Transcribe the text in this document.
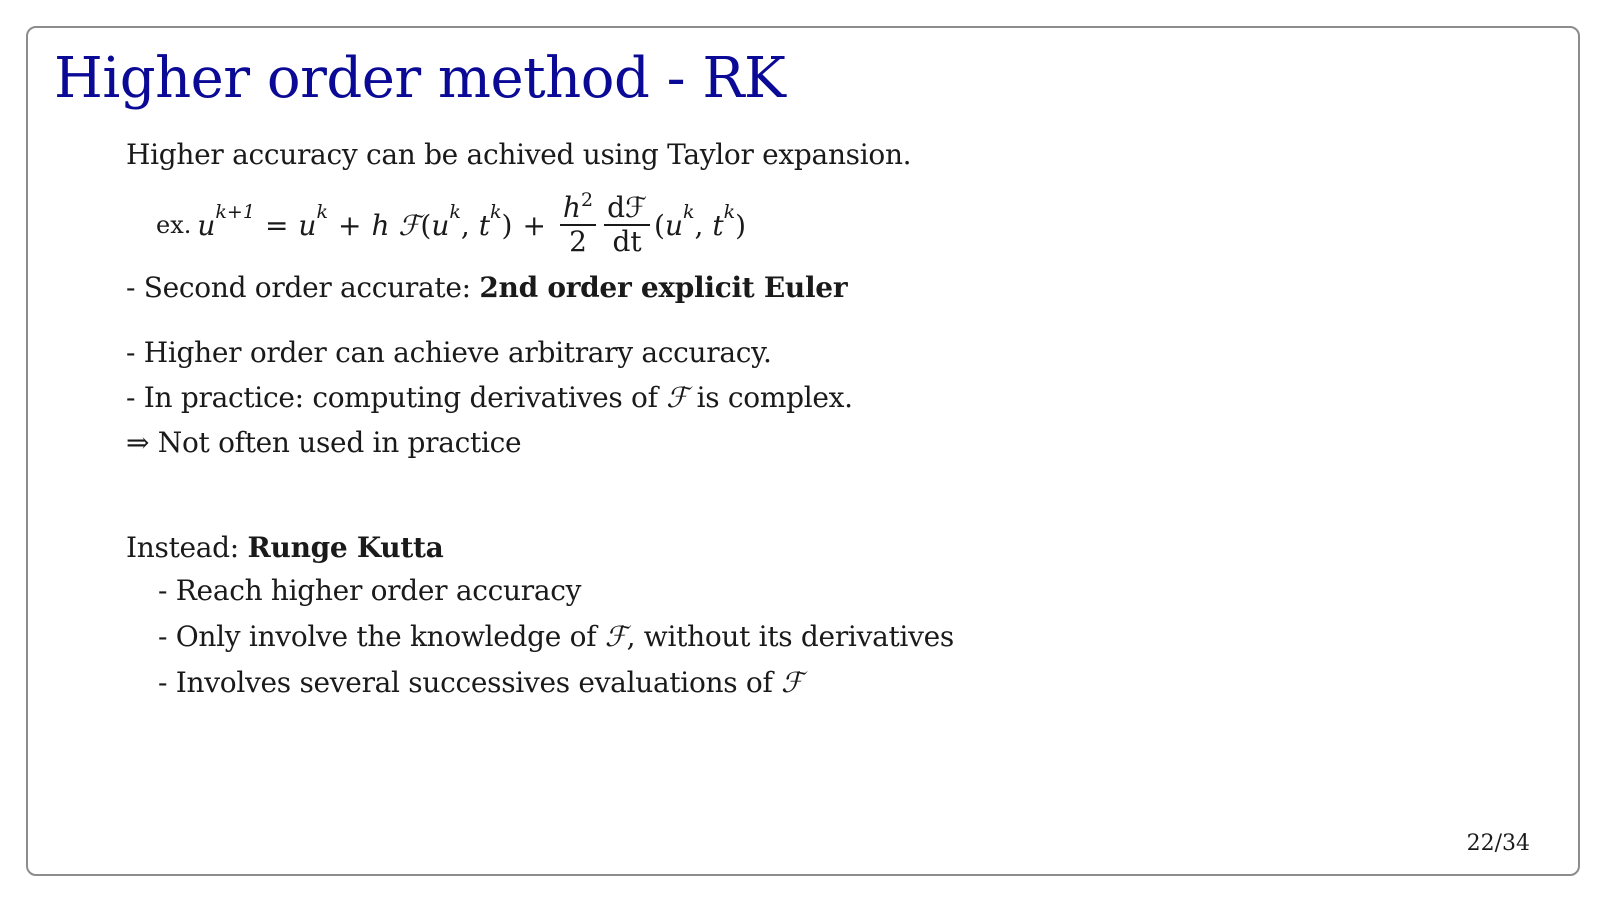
Higher order method - RK
Higher accuracy can be achived using Taylor expansion.
ex. u k+1 = u k + h
ℱ ( u k ,
t k ) + $\frac{h^2}{2} \frac{\text{dℱ}}{dt}$ ( u k ,
t k )
- Second order accurate: 2nd order explicit Euler
- Higher order can achieve arbitrary accuracy.
- In practice: computing derivatives of ℱ is complex.
⇒ Not often used in practice
Instead: Runge Kutta
- Reach higher order accuracy
- Only involve the knowledge of ℱ, without its derivatives
- Involves several successives evaluations of ℱ
22/34
